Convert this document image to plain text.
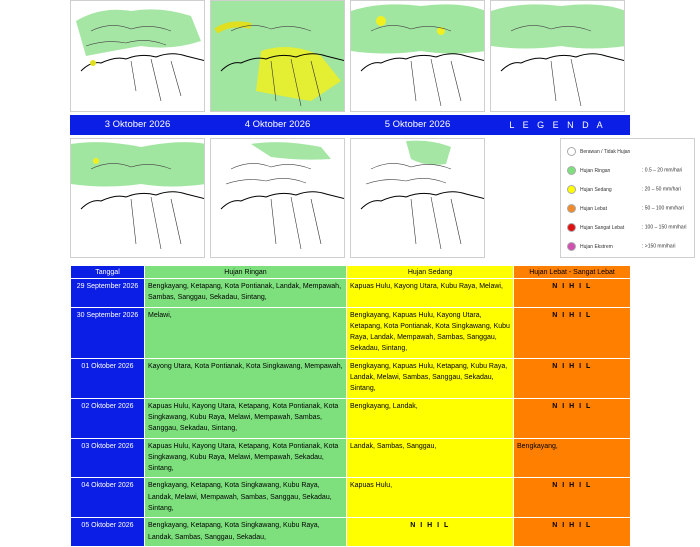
3 Oktober 2026	4 Oktober 2026	5 Oktober 2026	L E G E N D A
Berawan / Tidak Hujan
Hujan Ringan	: 0.5 – 20 mm/hari
Hujan Sedang	: 20 – 50 mm/hari
Hujan Lebat	: 50 – 100 mm/hari
Hujan Sangat Lebat	: 100 – 150 mm/hari
Hujan Ekstrem	: >150 mm/hari
Tanggal	Hujan Ringan	Hujan Sedang	Hujan Lebat - Sangat Lebat
29 September 2026	Bengkayang, Ketapang, Kota Pontianak, Landak, Mempawah, Sambas, Sanggau, Sekadau, Sintang,	Kapuas Hulu, Kayong Utara, Kubu Raya, Melawi,	N I H I L
30 September 2026	Melawi,	Bengkayang, Kapuas Hulu, Kayong Utara, Ketapang, Kota Pontianak, Kota Singkawang, Kubu Raya, Landak, Mempawah, Sambas, Sanggau, Sekadau, Sintang,	N I H I L
01 Oktober 2026	Kayong Utara, Kota Pontianak, Kota Singkawang, Mempawah,	Bengkayang, Kapuas Hulu, Ketapang, Kubu Raya, Landak, Melawi, Sambas, Sanggau, Sekadau, Sintang,	N I H I L
02 Oktober 2026	Kapuas Hulu, Kayong Utara, Ketapang, Kota Pontianak, Kota Singkawang, Kubu Raya, Melawi, Mempawah, Sambas, Sanggau, Sekadau, Sintang,	Bengkayang, Landak,	N I H I L
03 Oktober 2026	Kapuas Hulu, Kayong Utara, Ketapang, Kota Pontianak, Kota Singkawang, Kubu Raya, Melawi, Mempawah, Sekadau, Sintang,	Landak, Sambas, Sanggau,	Bengkayang,
04 Oktober 2026	Bengkayang, Ketapang, Kota Singkawang, Kubu Raya, Landak, Melawi, Mempawah, Sambas, Sanggau, Sekadau, Sintang,	Kapuas Hulu,	N I H I L
05 Oktober 2026	Bengkayang, Ketapang, Kota Singkawang, Kubu Raya, Landak, Sambas, Sanggau, Sekadau,	N I H I L	N I H I L
